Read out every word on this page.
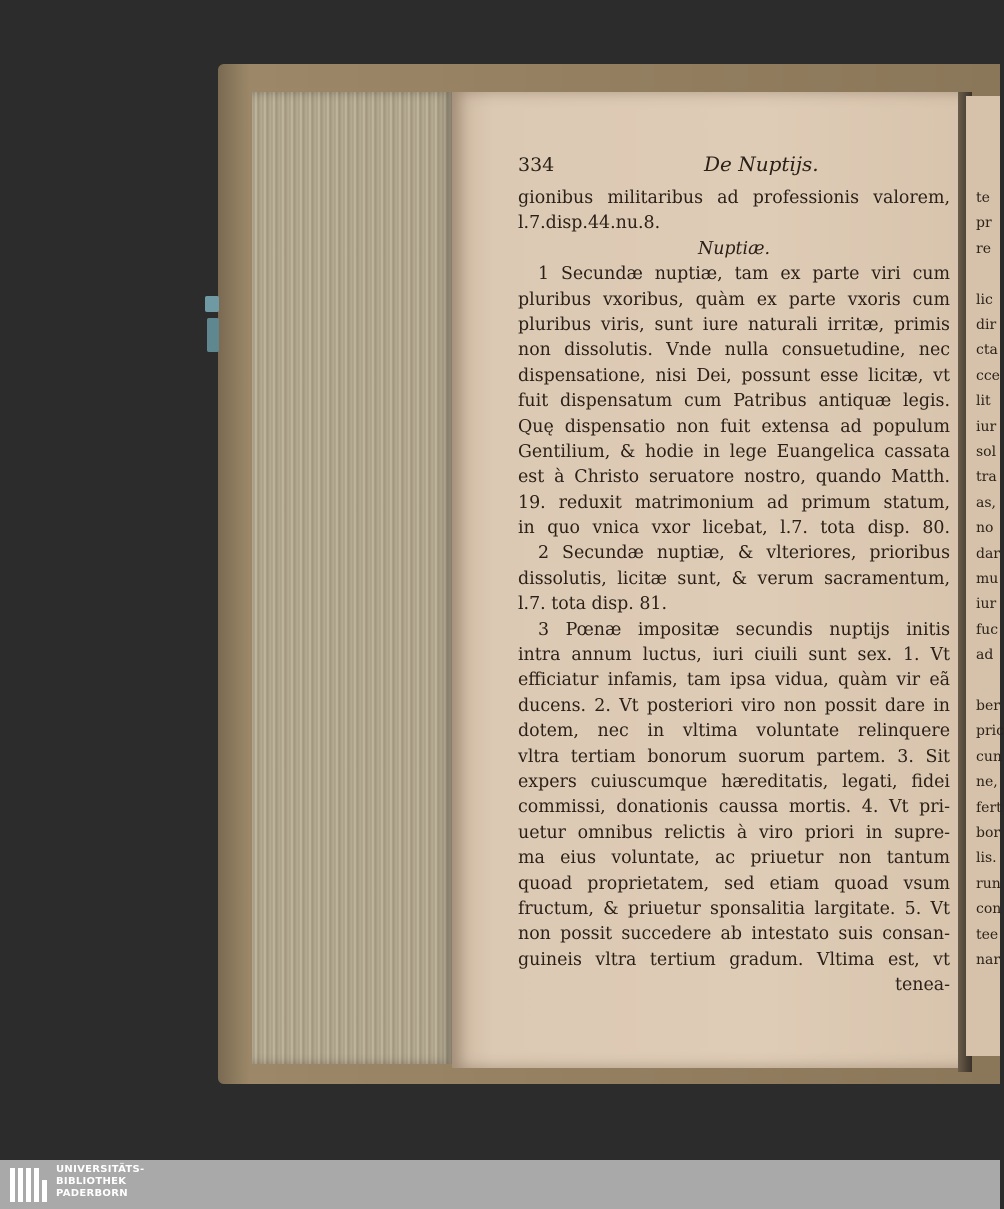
te
pr
re
lic
dir
cta
cce
lit
iur
sol
tra
as,
no
dar
mu
iur
fuc
ad
ber
pric
cun
ne,
fert
bor
lis.
run
con
tee
nar
334	De Nuptijs.
gionibus militaribus ad professionis valorem,
l.7.disp.44.nu.8.
Nuptiæ.
1 Secundæ nuptiæ, tam ex parte viri cum
pluribus vxoribus, quàm ex parte vxoris cum
pluribus viris, sunt iure naturali irritæ, primis
non dissolutis. Vnde nulla consuetudine, nec
dispensatione, nisi Dei, possunt esse licitæ, vt
fuit dispensatum cum Patribus antiquæ legis.
Quę dispensatio non fuit extensa ad populum
Gentilium, & hodie in lege Euangelica cassata
est à Christo seruatore nostro, quando Matth.
19. reduxit matrimonium ad primum statum,
in quo vnica vxor licebat, l.7. tota disp. 80.
2 Secundæ nuptiæ, & vlteriores, prioribus
dissolutis, licitæ sunt, & verum sacramentum,
l.7. tota disp. 81.
3 Pœnæ impositæ secundis nuptijs initis
intra annum luctus, iuri ciuili sunt sex. 1. Vt
efficiatur infamis, tam ipsa vidua, quàm vir eã
ducens. 2. Vt posteriori viro non possit dare in
dotem, nec in vltima voluntate relinquere
vltra tertiam bonorum suorum partem. 3. Sit
expers cuiuscumque hæreditatis, legati, fidei
commissi, donationis caussa mortis. 4. Vt pri-
uetur omnibus relictis à viro priori in supre-
ma eius voluntate, ac priuetur non tantum
quoad proprietatem, sed etiam quoad vsum
fructum, & priuetur sponsalitia largitate. 5. Vt
non possit succedere ab intestato suis consan-
guineis vltra tertium gradum. Vltima est, vt
tenea-
UNIVERSITÄTS-
BIBLIOTHEK
PADERBORN
